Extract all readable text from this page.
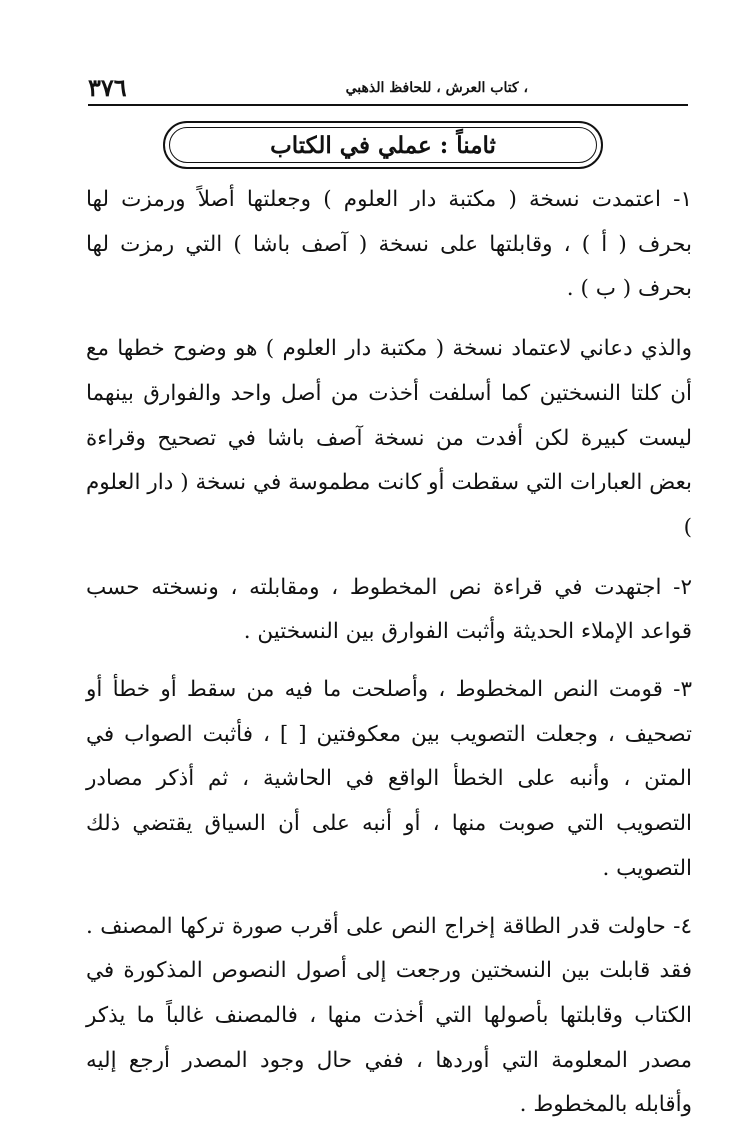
، كتاب العرش ، للحافظ الذهبي
٣٧٦
ثامناً : عملي في الكتاب

١- اعتمدت نسخة ( مكتبة دار العلوم ) وجعلتها أصلاً ورمزت لها بحرف ( أ ) ، وقابلتها على نسخة ( آصف باشا ) التي رمزت لها بحرف ( ب ) .

والذي دعاني لاعتماد نسخة ( مكتبة دار العلوم ) هو وضوح خطها مع أن كلتا النسختين كما أسلفت أخذت من أصل واحد والفوارق بينهما ليست كبيرة لكن أفدت من نسخة آصف باشا في تصحيح وقراءة بعض العبارات التي سقطت أو كانت مطموسة في نسخة ( دار العلوم )

٢- اجتهدت في قراءة نص المخطوط ، ومقابلته ، ونسخته حسب قواعد الإملاء الحديثة وأثبت الفوارق بين النسختين .

٣- قومت النص المخطوط ، وأصلحت ما فيه من سقط أو خطأ أو تصحيف ، وجعلت التصويب بين معكوفتين [ ] ، فأثبت الصواب في المتن ، وأنبه على الخطأ الواقع في الحاشية ، ثم أذكر مصادر التصويب التي صوبت منها ، أو أنبه على أن السياق يقتضي ذلك التصويب .

٤- حاولت قدر الطاقة إخراج النص على أقرب صورة تركها المصنف . فقد قابلت بين النسختين ورجعت إلى أصول النصوص المذكورة في الكتاب وقابلتها بأصولها التي أخذت منها ، فالمصنف غالباً ما يذكر مصدر المعلومة التي أوردها ، ففي حال وجود المصدر أرجع إليه وأقابله بالمخطوط .
